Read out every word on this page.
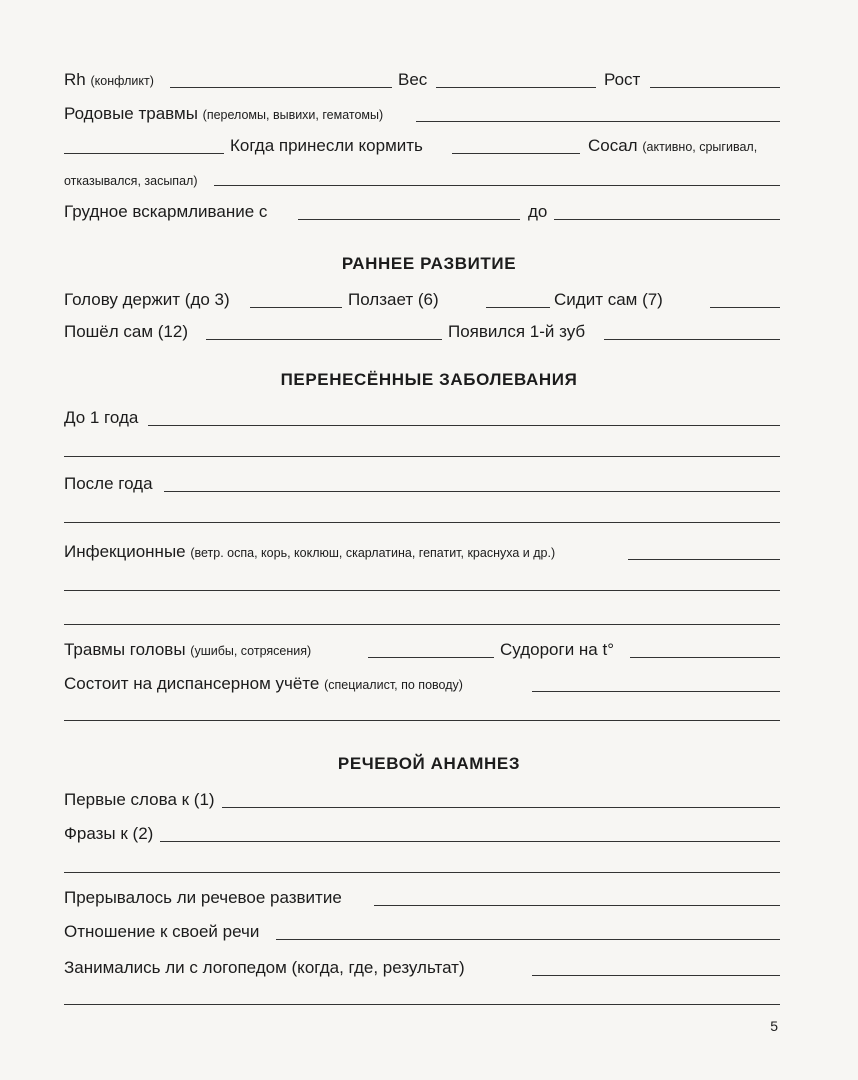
Rh (конфликт)	Вес	Рост
Родовые травмы (переломы, вывихи, гематомы)
Когда принесли кормить	Сосал (активно, срыгивал,
отказывался, засыпал)
Грудное вскармливание с	до
РАННЕЕ РАЗВИТИЕ
Голову держит (до 3)	Ползает (6)	Сидит сам (7)
Пошёл сам (12)	Появился 1-й зуб
ПЕРЕНЕСЁННЫЕ ЗАБОЛЕВАНИЯ
До 1 года
После года
Инфекционные (ветр. оспа, корь, коклюш, скарлатина, гепатит, краснуха и др.)
Травмы головы (ушибы, сотрясения)	Судороги на t°
Состоит на диспансерном учёте (специалист, по поводу)
РЕЧЕВОЙ АНАМНЕЗ
Первые слова к (1)
Фразы к (2)
Прерывалось ли речевое развитие
Отношение к своей речи
Занимались ли с логопедом (когда, где, результат)
5
